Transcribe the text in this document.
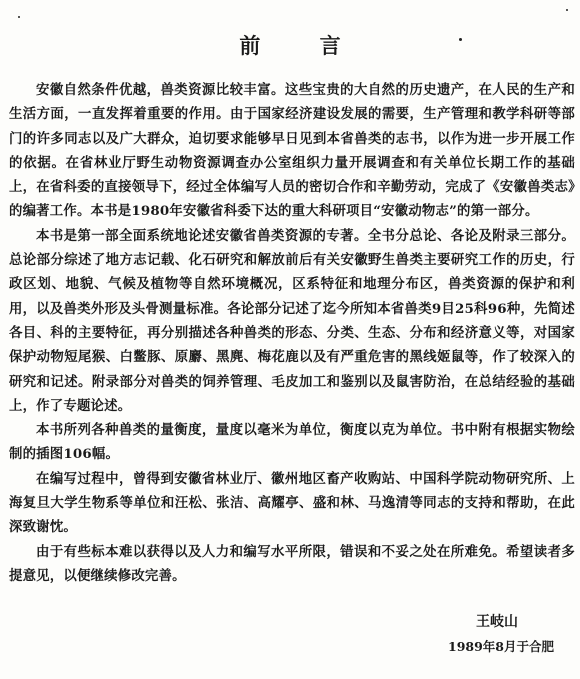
前 言

安徽自然条件优越，兽类资源比较丰富。这些宝贵的大自然的历史遗产，在人民的生产和生活方面，一直发挥着重要的作用。由于国家经济建设发展的需要，生产管理和教学科研等部门的许多同志以及广大群众，迫切要求能够早日见到本省兽类的志书，以作为进一步开展工作的依据。在省林业厅野生动物资源调查办公室组织力量开展调查和有关单位长期工作的基础上，在省科委的直接领导下，经过全体编写人员的密切合作和辛勤劳动，完成了《安徽兽类志》的编著工作。本书是1980年安徽省科委下达的重大科研项目“安徽动物志”的第一部分。

本书是第一部全面系统地论述安徽省兽类资源的专著。全书分总论、各论及附录三部分。总论部分综述了地方志记载、化石研究和解放前后有关安徽野生兽类主要研究工作的历史，行政区划、地貌、气候及植物等自然环境概况，区系特征和地理分布区，兽类资源的保护和利用，以及兽类外形及头骨测量标准。各论部分记述了迄今所知本省兽类9目25科96种，先简述各目、科的主要特征，再分别描述各种兽类的形态、分类、生态、分布和经济意义等，对国家保护动物短尾猴、白鳖豚、原麝、黑麂、梅花鹿以及有严重危害的黑线姬鼠等，作了较深入的研究和记述。附录部分对兽类的饲养管理、毛皮加工和鉴别以及鼠害防治，在总结经验的基础上，作了专题论述。

本书所列各种兽类的量衡度，量度以毫米为单位，衡度以克为单位。书中附有根据实物绘制的插图106幅。

在编写过程中，曾得到安徽省林业厅、徽州地区畜产收购站、中国科学院动物研究所、上海复旦大学生物系等单位和汪松、张洁、高耀亭、盛和林、马逸清等同志的支持和帮助，在此深致谢忱。

由于有些标本难以获得以及人力和编写水平所限，错误和不妥之处在所难免。希望读者多提意见，以便继续修改完善。

王岐山
1989年8月于合肥
